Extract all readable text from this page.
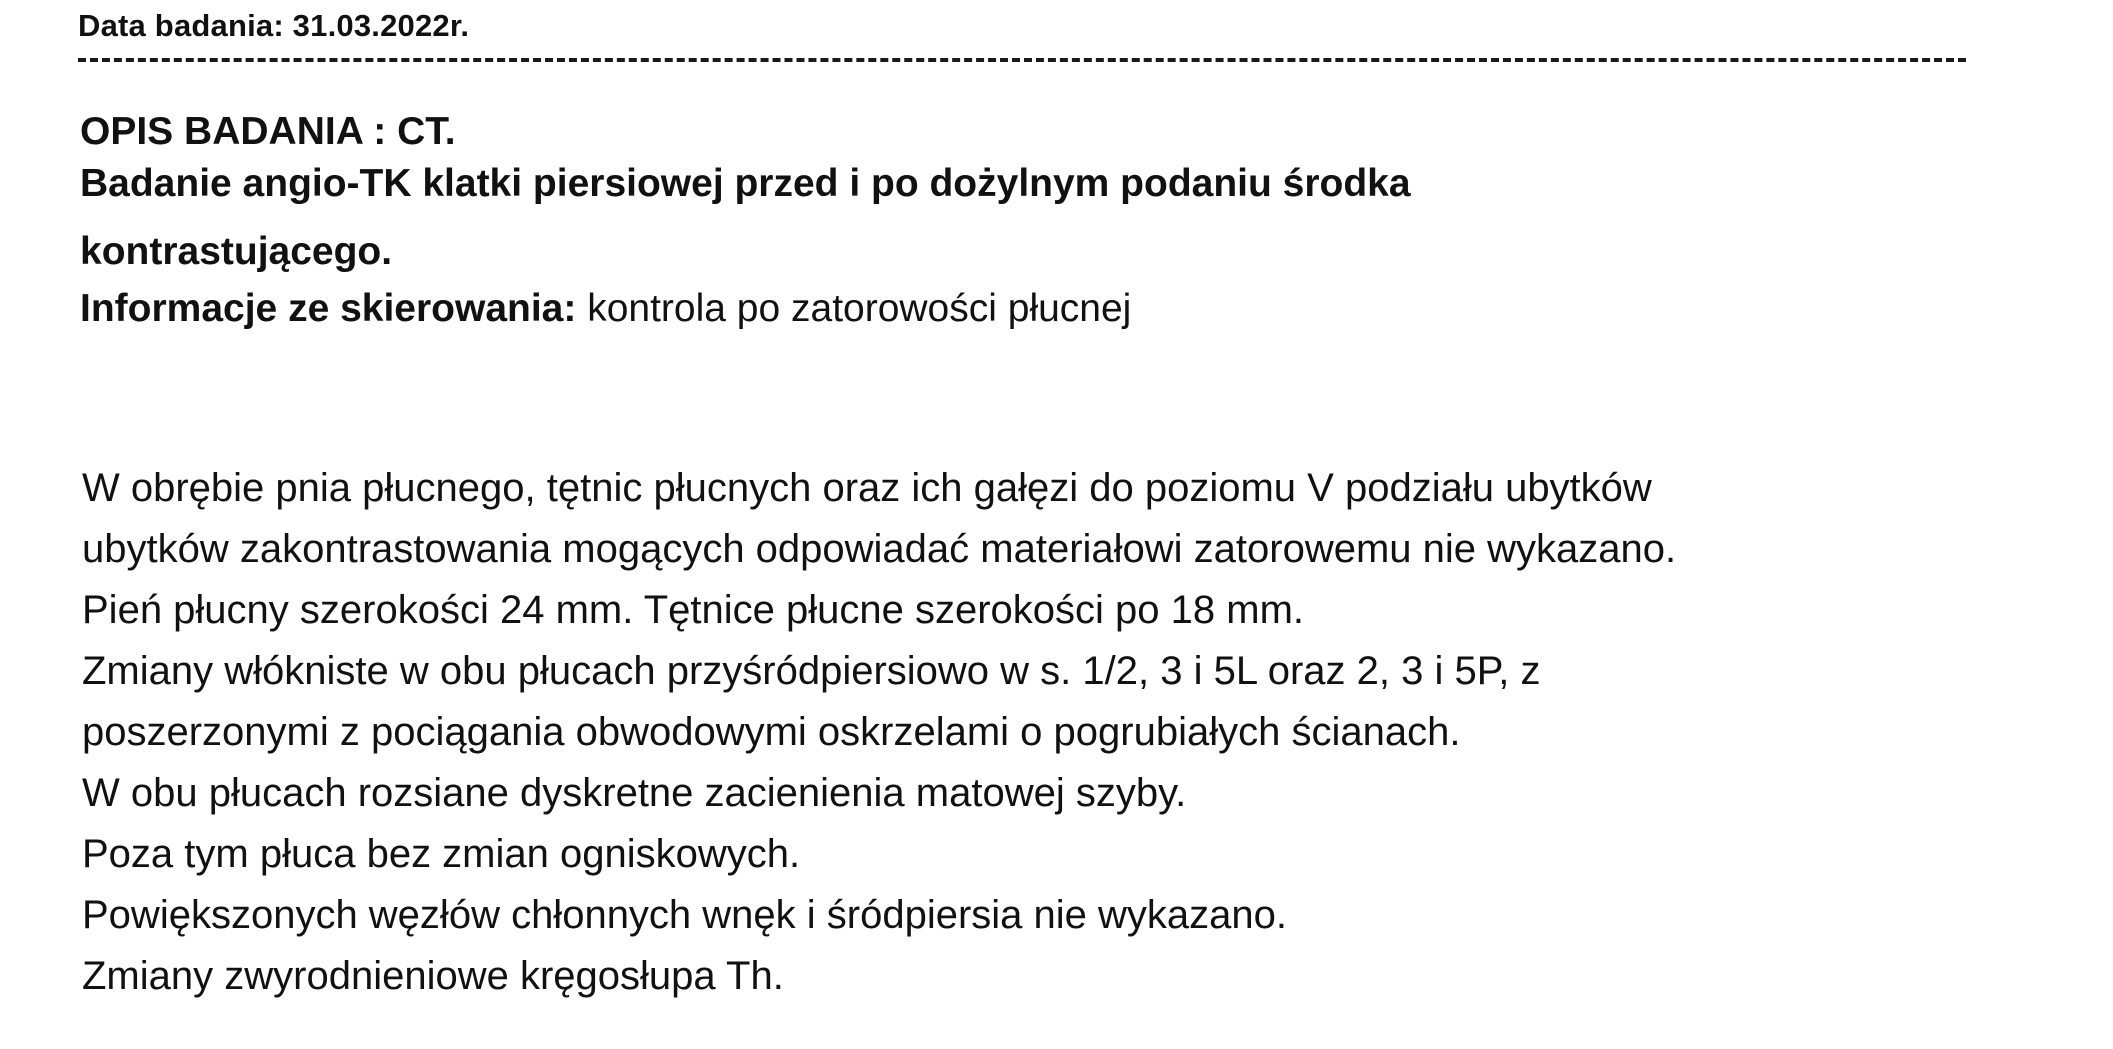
Data badania: 31.03.2022r.
OPIS BADANIA : CT.
Badanie angio-TK klatki piersiowej przed i po dożylnym podaniu środka
kontrastującego.
Informacje ze skierowania: kontrola po zatorowości płucnej
W obrębie pnia płucnego, tętnic płucnych oraz ich gałęzi do poziomu V podziału ubytków
ubytków zakontrastowania mogących odpowiadać materiałowi zatorowemu nie wykazano.
Pień płucny szerokości 24 mm. Tętnice płucne szerokości po 18 mm.
Zmiany włókniste w obu płucach przyśródpiersiowo w s. 1/2, 3 i 5L oraz 2, 3 i 5P, z
poszerzonymi z pociągania obwodowymi oskrzelami o pogrubiałych ścianach.
W obu płucach rozsiane dyskretne zacienienia matowej szyby.
Poza tym płuca bez zmian ogniskowych.
Powiększonych węzłów chłonnych wnęk i śródpiersia nie wykazano.
Zmiany zwyrodnieniowe kręgosłupa Th.
